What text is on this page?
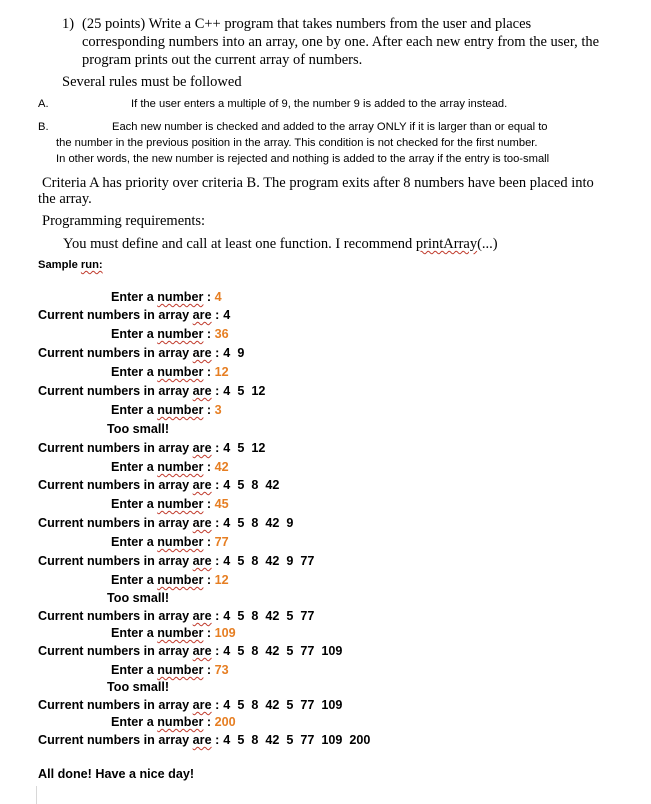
1) (25 points) Write a C++ program that takes numbers from the user and places
corresponding numbers into an array, one by one. After each new entry from the user, the
program prints out the current array of numbers.
Several rules must be followed
A.	If the user enters a multiple of 9, the number 9 is added to the array instead.
B.	Each new number is checked and added to the array ONLY if it is larger than or equal to
the number in the previous position in the array. This condition is not checked for the first number.
In other words, the new number is rejected and nothing is added to the array if the entry is too-small
Criteria A has priority over criteria B. The program exits after 8 numbers have been placed into
the array.
Programming requirements:
You must define and call at least one function. I recommend printArray(...)
Sample run:
Enter a number : 4
Current numbers in array are : 4
Enter a number : 36
Current numbers in array are : 4 9
Enter a number : 12
Current numbers in array are : 4 5 12
Enter a number : 3
Too small!
Current numbers in array are : 4 5 12
Enter a number : 42
Current numbers in array are : 4 5 8 42
Enter a number : 45
Current numbers in array are : 4 5 8 42 9
Enter a number : 77
Current numbers in array are : 4 5 8 42 9 77
Enter a number : 12
Too small!
Current numbers in array are : 4 5 8 42 5 77
Enter a number : 109
Current numbers in array are : 4 5 8 42 5 77 109
Enter a number : 73
Too small!
Current numbers in array are : 4 5 8 42 5 77 109
Enter a number : 200
Current numbers in array are : 4 5 8 42 5 77 109 200
All done! Have a nice day!
